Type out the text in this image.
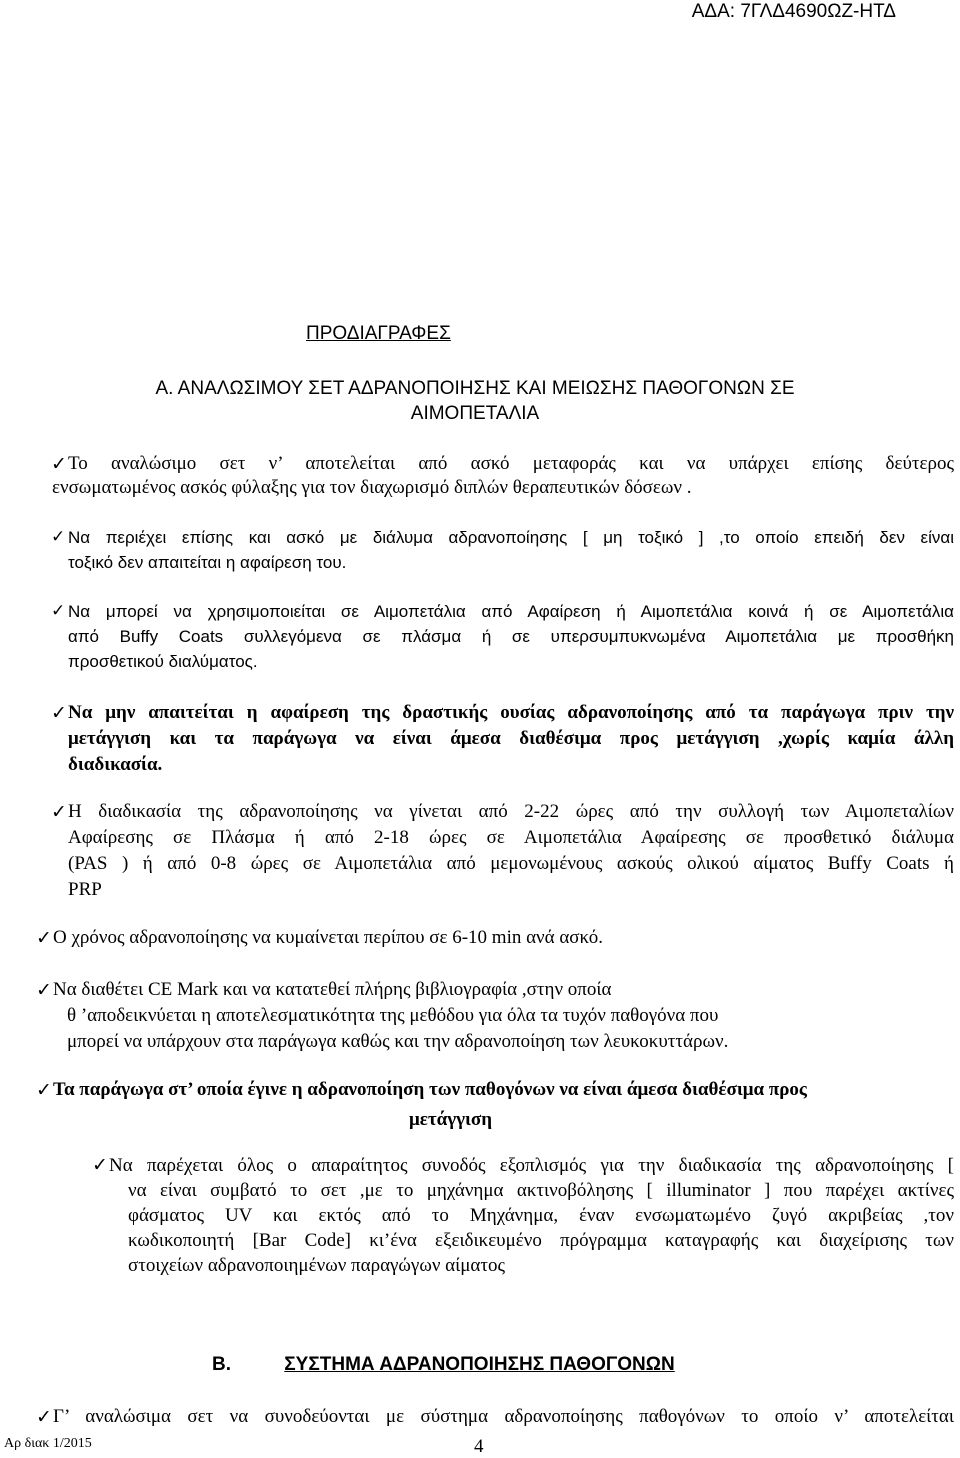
ΑΔΑ: 7ΓΛΔ4690ΩΖ-ΗΤΔ
ΠΡΟΔΙΑΓΡΑΦΕΣ
Α. ΑΝΑΛΩΣΙΜΟΥ ΣΕΤ ΑΔΡΑΝΟΠΟΙΗΣΗΣ ΚΑΙ ΜΕΙΩΣΗΣ ΠΑΘΟΓΟΝΩΝ ΣΕ
ΑΙΜΟΠΕΤΑΛΙΑ
✓ Το αναλώσιμο σετ ν’ αποτελείται από ασκό μεταφοράς και να υπάρχει επίσης δεύτερος
ενσωματωμένος ασκός φύλαξης για τον διαχωρισμό διπλών θεραπευτικών δόσεων .
✓ Να περιέχει επίσης και ασκό με διάλυμα αδρανοποίησης [ μη τοξικό ] ,το οποίο επειδή δεν είναι
τοξικό δεν απαιτείται η αφαίρεση του.
✓ Να μπορεί να χρησιμοποιείται σε Αιμοπετάλια από Αφαίρεση ή Αιμοπετάλια κοινά ή σε Αιμοπετάλια
από Buffy Coats συλλεγόμενα σε πλάσμα ή σε υπερσυμπυκνωμένα Αιμοπετάλια με προσθήκη
προσθετικού διαλύματος.
✓ Να μην απαιτείται η αφαίρεση της δραστικής ουσίας αδρανοποίησης από τα παράγωγα πριν την
μετάγγιση και τα παράγωγα να είναι άμεσα διαθέσιμα προς μετάγγιση ,χωρίς καμία άλλη
διαδικασία.
✓ Η διαδικασία της αδρανοποίησης να γίνεται από 2-22 ώρες από την συλλογή των Αιμοπεταλίων
Αφαίρεσης σε Πλάσμα ή από 2-18 ώρες σε Αιμοπετάλια Αφαίρεσης σε προσθετικό διάλυμα
(PAS ) ή από 0-8 ώρες σε Αιμοπετάλια από μεμονωμένους ασκούς ολικού αίματος Buffy Coats ή
PRP
✓ Ο χρόνος αδρανοποίησης να κυμαίνεται περίπου σε 6-10 min ανά ασκό.
✓ Να διαθέτει CE Mark και να κατατεθεί πλήρης βιβλιογραφία ,στην οποία
θ ’αποδεικνύεται η αποτελεσματικότητα της μεθόδου για όλα τα τυχόν παθογόνα που
μπορεί να υπάρχουν στα παράγωγα καθώς και την αδρανοποίηση των λευκοκυττάρων.
✓ Τα παράγωγα στ’ οποία έγινε η αδρανοποίηση των παθογόνων να είναι άμεσα διαθέσιμα προς
μετάγγιση
✓ Να παρέχεται όλος ο απαραίτητος συνοδός εξοπλισμός για την διαδικασία της αδρανοποίησης [
να είναι συμβατό το σετ ,με το μηχάνημα ακτινοβόλησης [ illuminator ] που παρέχει ακτίνες
φάσματος UV και εκτός από το Μηχάνημα, έναν ενσωματωμένο ζυγό ακριβείας ,τον
κωδικοποιητή [Bar Code] κι’ένα εξειδικευμένο πρόγραμμα καταγραφής και διαχείρισης των
στοιχείων αδρανοποιημένων παραγώγων αίματος
Β.	ΣΥΣΤΗΜΑ ΑΔΡΑΝΟΠΟΙΗΣΗΣ ΠΑΘΟΓΟΝΩΝ
✓ Γ’ αναλώσιμα σετ να συνοδεύονται με σύστημα αδρανοποίησης παθογόνων το οποίο ν’ αποτελείται
Αρ διακ 1/2015	4
